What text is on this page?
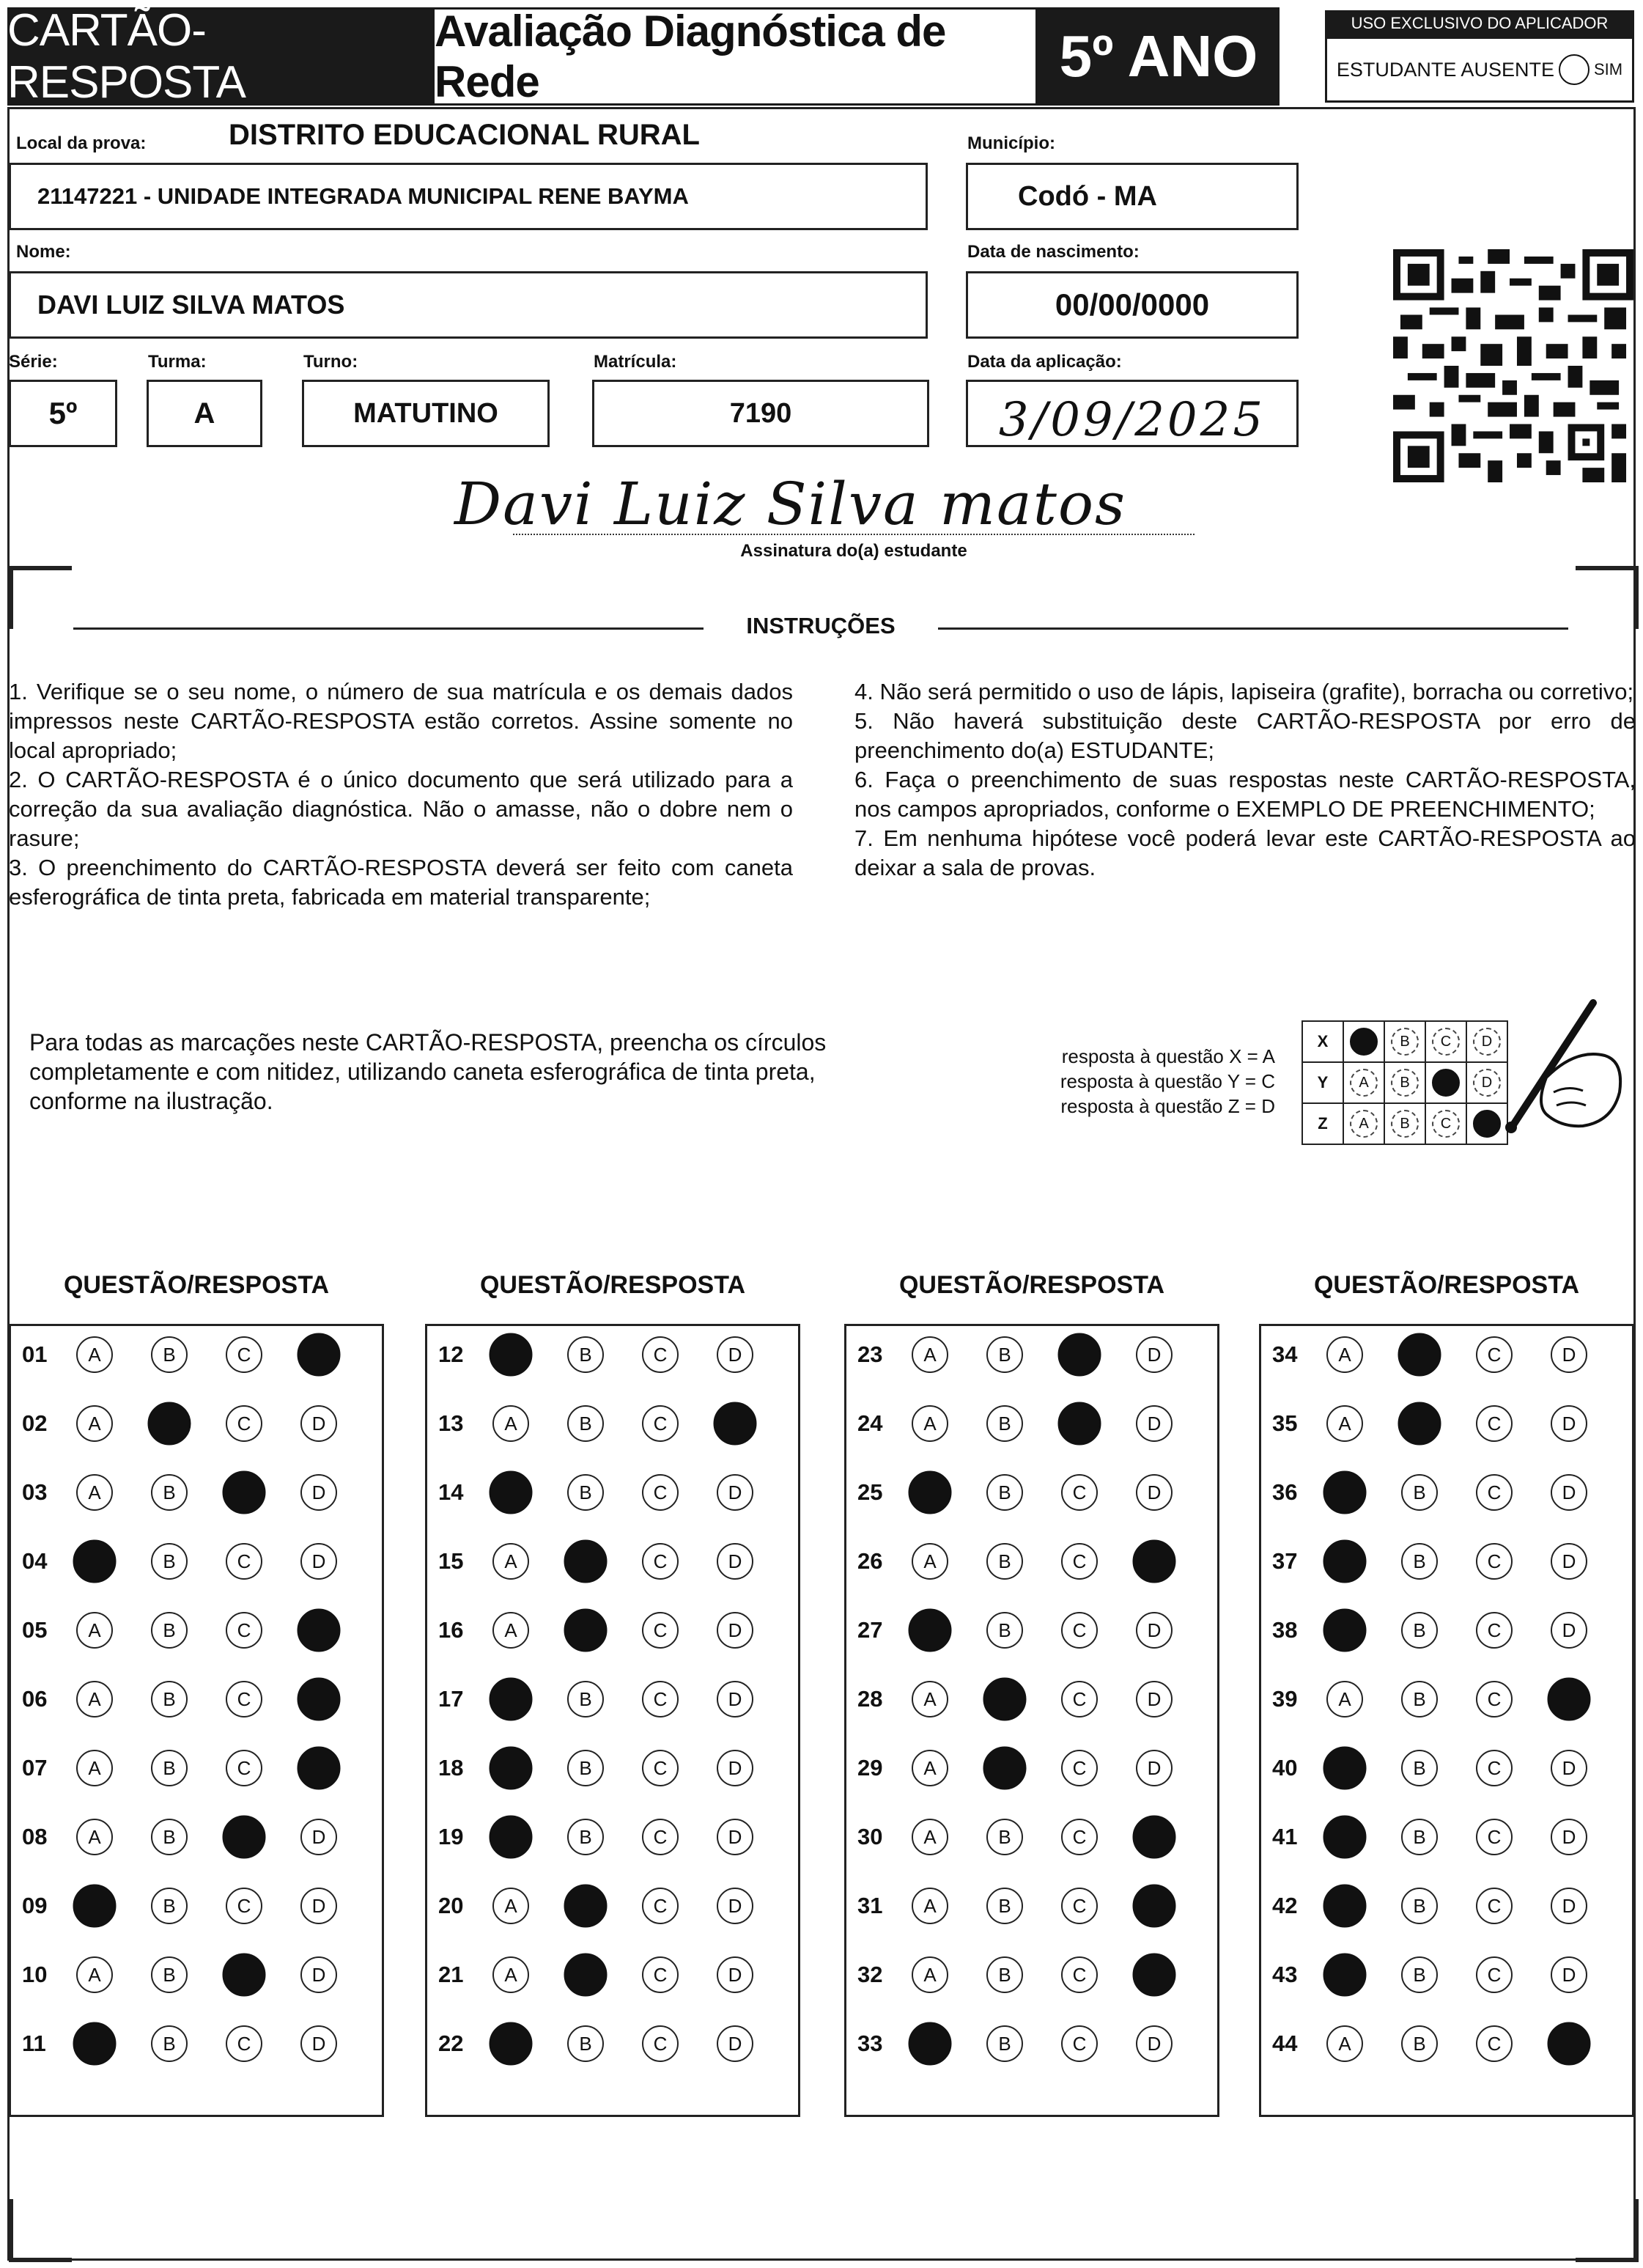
CARTÃO-RESPOSTA
Avaliação Diagnóstica de Rede	5º ANO
USO EXCLUSIVO DO APLICADOR
ESTUDANTE AUSENTE SIM
Local da prova:	DISTRITO EDUCACIONAL RURAL
21147221 - UNIDADE INTEGRADA MUNICIPAL RENE BAYMA
Município:
Codó - MA
Nome:
DAVI LUIZ SILVA MATOS
Data de nascimento:
00/00/0000
Série:
5º
Turma:
A
Turno:
MATUTINO
Matrícula:
7190
Data da aplicação:
3/09/2025
Davi Luiz Silva matos
Assinatura do(a) estudante
INSTRUÇÕES
1. Verifique se o seu nome, o número de sua matrícula e os demais dados impressos neste CARTÃO-RESPOSTA estão corretos. Assine somente no local apropriado;
2. O CARTÃO-RESPOSTA é o único documento que será utilizado para a correção da sua avaliação diagnóstica. Não o amasse, não o dobre nem o rasure;
3. O preenchimento do CARTÃO-RESPOSTA deverá ser feito com caneta esferográfica de tinta preta, fabricada em material transparente;
4. Não será permitido o uso de lápis, lapiseira (grafite), borracha ou corretivo;
5. Não haverá substituição deste CARTÃO-RESPOSTA por erro de preenchimento do(a) ESTUDANTE;
6. Faça o preenchimento de suas respostas neste CARTÃO-RESPOSTA, nos campos apropriados, conforme o EXEMPLO DE PREENCHIMENTO;
7. Em nenhuma hipótese você poderá levar este CARTÃO-RESPOSTA ao deixar a sala de provas.
Para todas as marcações neste CARTÃO-RESPOSTA, preencha os círculos completamente e com nitidez, utilizando caneta esferográfica de tinta preta, conforme na ilustração.
resposta à questão X = A
resposta à questão Y = C
resposta à questão Z = D
X		B	C	D
Y	A	B		D
Z	A	B	C	
QUESTÃO/RESPOSTA
01	A	B	C
02	A	C	D
03	A	B	D
04	B	C	D
05	A	B	C
06	A	B	C
07	A	B	C
08	A	B	D
09	B	C	D
10	A	B	D
11	B	C	D
QUESTÃO/RESPOSTA
12	B	C	D
13	A	B	C
14	B	C	D
15	A	C	D
16	A	C	D
17	B	C	D
18	B	C	D
19	B	C	D
20	A	C	D
21	A	C	D
22	B	C	D
QUESTÃO/RESPOSTA
23	A	B	D
24	A	B	D
25	B	C	D
26	A	B	C
27	B	C	D
28	A	C	D
29	A	C	D
30	A	B	C
31	A	B	C
32	A	B	C
33	B	C	D
QUESTÃO/RESPOSTA
34	A	C	D
35	A	C	D
36	B	C	D
37	B	C	D
38	B	C	D
39	A	B	C
40	B	C	D
41	B	C	D
42	B	C	D
43	B	C	D
44	A	B	C
